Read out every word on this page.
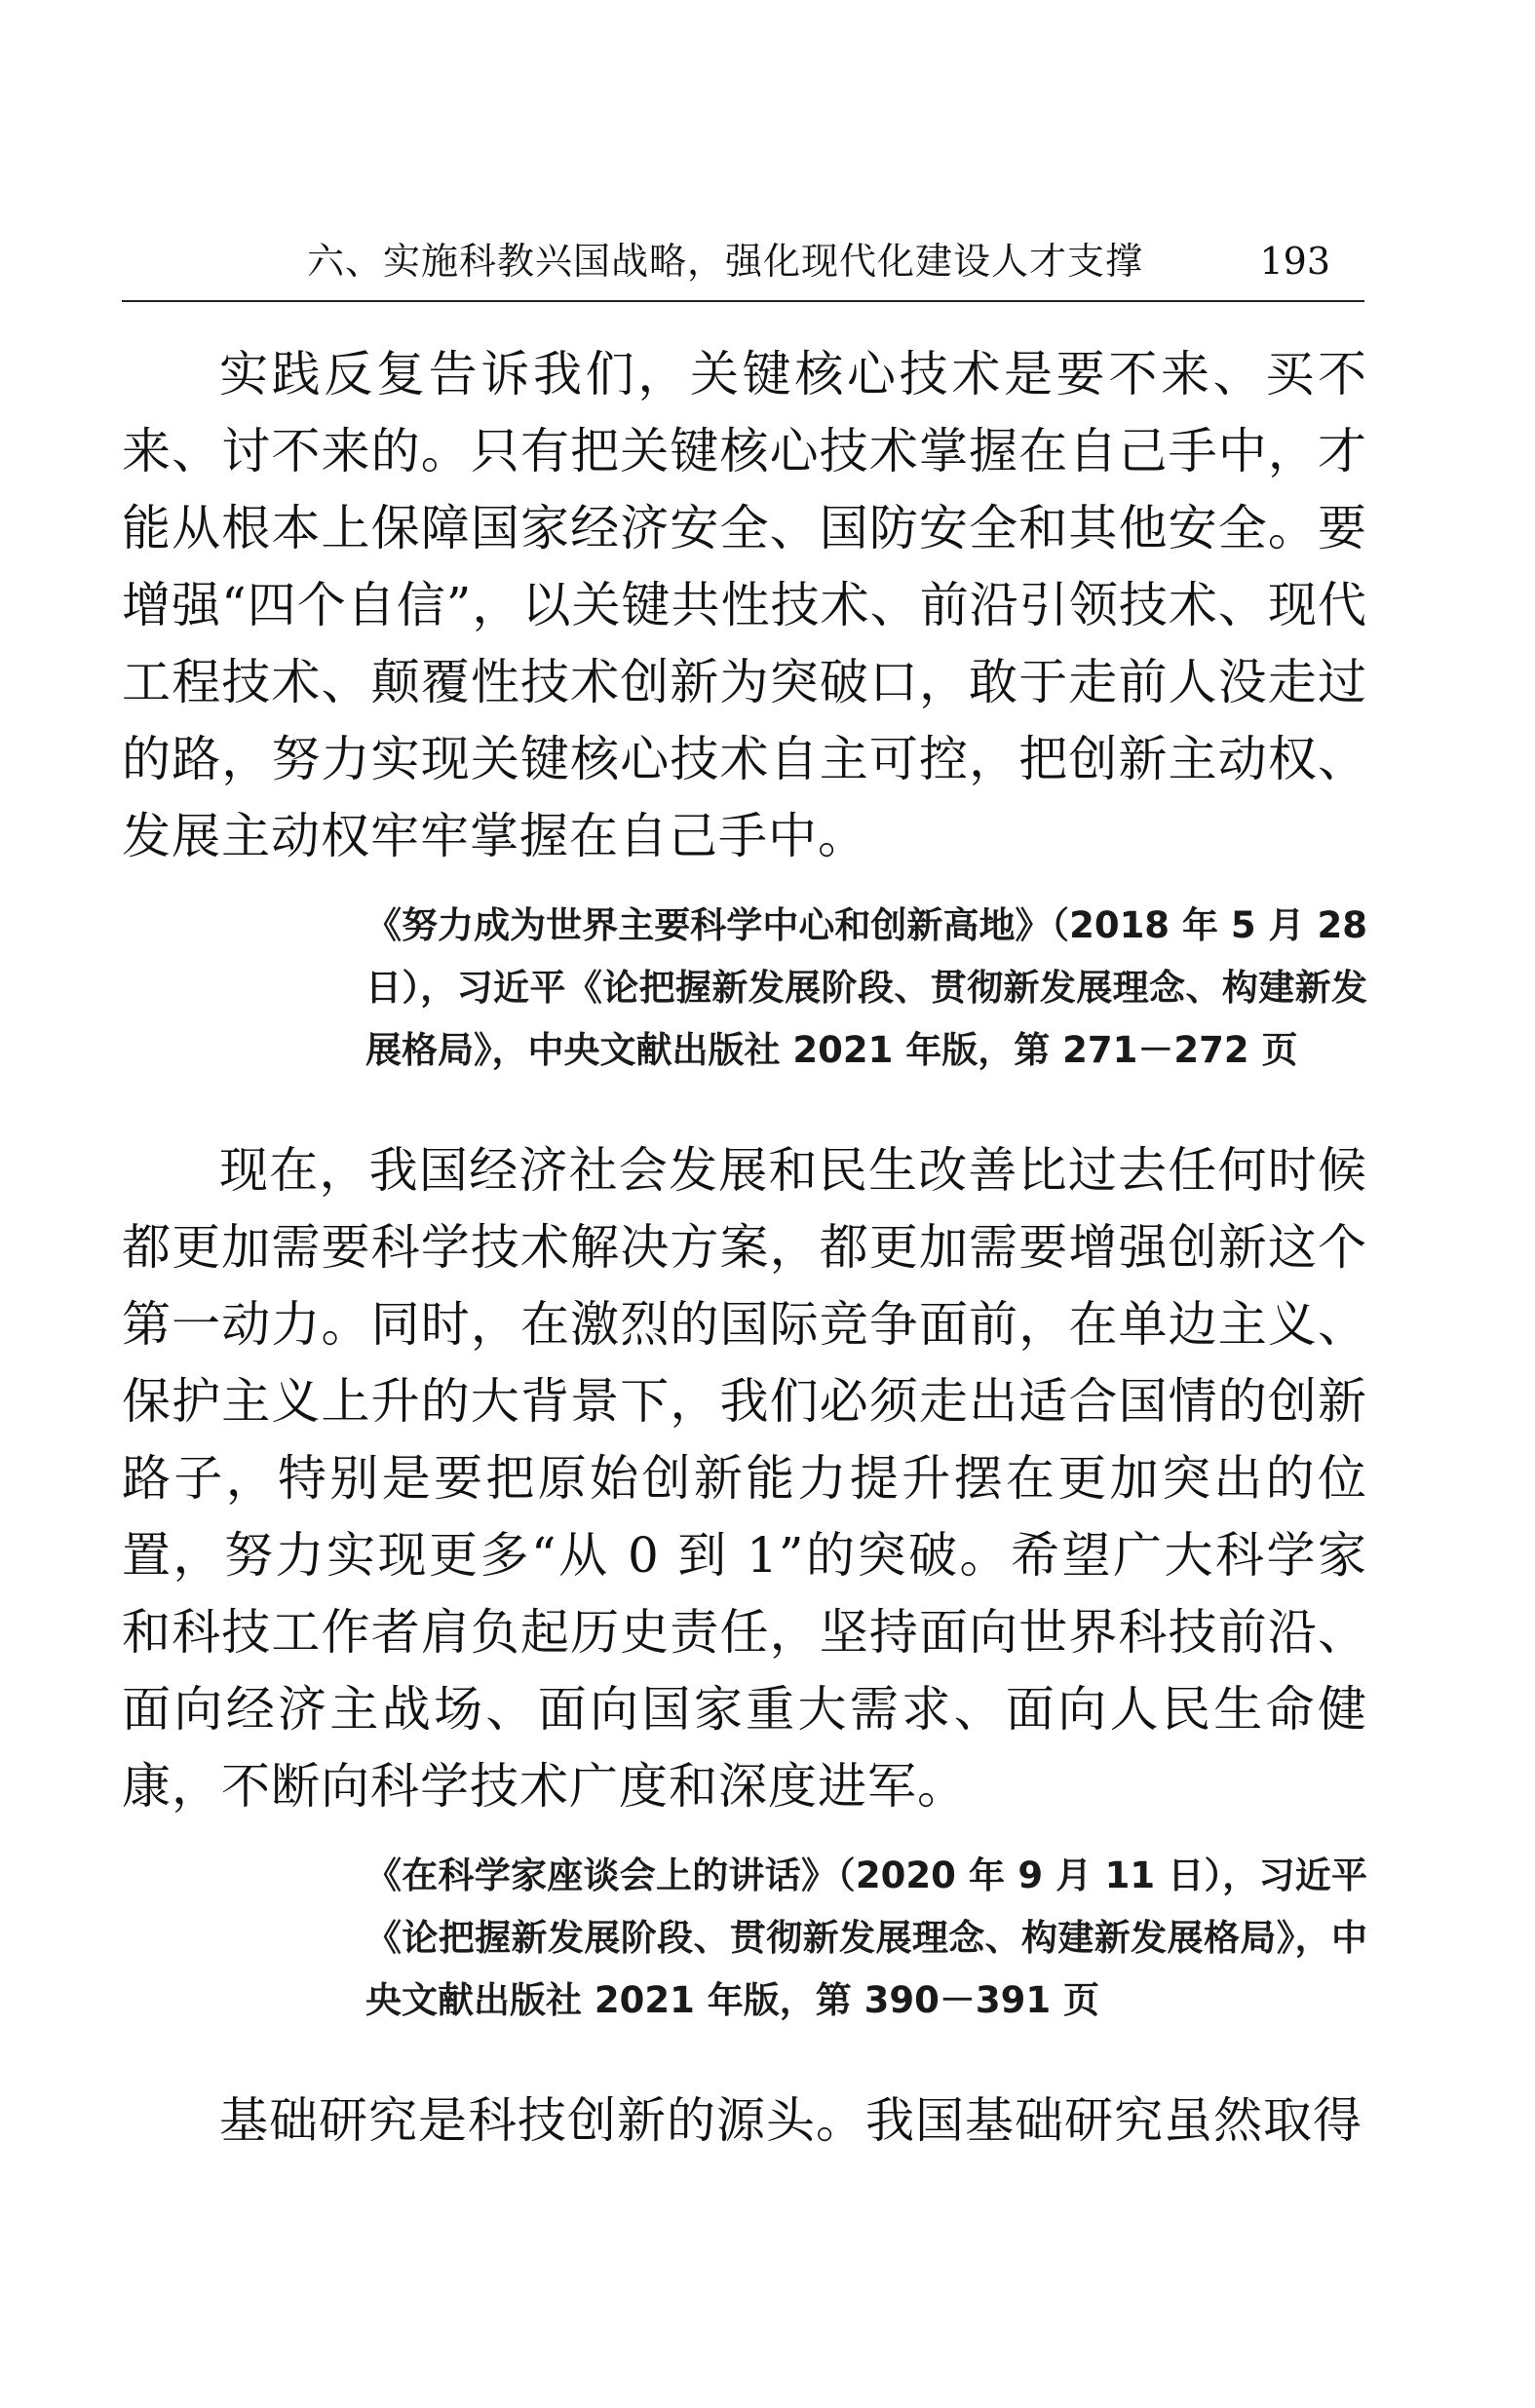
六、实施科教兴国战略，强化现代化建设人才支撑	193

实践反复告诉我们，关键核心技术是要不来、买不来、讨不来的。只有把关键核心技术掌握在自己手中，才能从根本上保障国家经济安全、国防安全和其他安全。要增强“四个自信”，以关键共性技术、前沿引领技术、现代工程技术、颠覆性技术创新为突破口，敢于走前人没走过的路，努力实现关键核心技术自主可控，把创新主动权、发展主动权牢牢掌握在自己手中。

《努力成为世界主要科学中心和创新高地》（2018 年 5 月 28 日），习近平《论把握新发展阶段、贯彻新发展理念、构建新发展格局》，中央文献出版社 2021 年版，第 271－272 页

现在，我国经济社会发展和民生改善比过去任何时候都更加需要科学技术解决方案，都更加需要增强创新这个第一动力。同时，在激烈的国际竞争面前，在单边主义、保护主义上升的大背景下，我们必须走出适合国情的创新路子，特别是要把原始创新能力提升摆在更加突出的位置，努力实现更多“从 0 到 1”的突破。希望广大科学家和科技工作者肩负起历史责任，坚持面向世界科技前沿、面向经济主战场、面向国家重大需求、面向人民生命健康，不断向科学技术广度和深度进军。

《在科学家座谈会上的讲话》（2020 年 9 月 11 日），习近平《论把握新发展阶段、贯彻新发展理念、构建新发展格局》，中央文献出版社 2021 年版，第 390－391 页

基础研究是科技创新的源头。我国基础研究虽然取得
